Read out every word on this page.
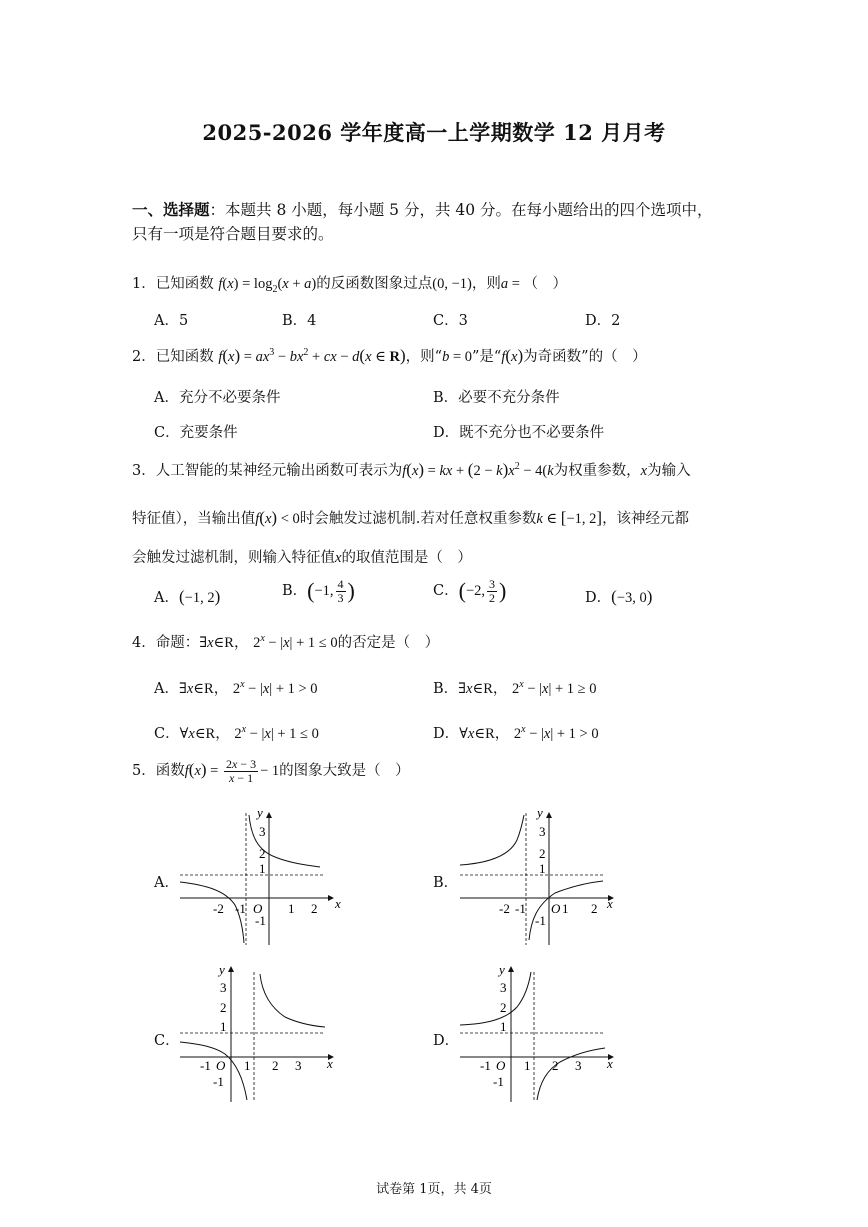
2025-2026 学年度高一上学期数学 12 月月考
一、选择题：本题共 8 小题，每小题 5 分，共 40 分。在每小题给出的四个选项中，
只有一项是符合题目要求的。
1．已知函数 $f(x) = \log_2(x + a)$的反函数图象过点(0, −1)，则a = （　）
A．5	B．4	C．3	D．2
2．已知函数 $f(x) = ax^3 - bx^2$ + cx − d(x ∈ R)，则“b = 0”是“f(x)为奇函数”的（　）
A．充分不必要条件	B．必要不充分条件
C．充要条件	D．既不充分也不必要条件
3．人工智能的某神经元输出函数可表示为f(x) = kx + $(2 - k)x^2 - 4(k$为权重参数，x为输入
特征值），当输出值f(x) < 0时会触发过滤机制.若对任意权重参数k ∈ [−1, 2]，该神经元都
会触发过滤机制，则输入特征值x的取值范围是（　）
A．(−1, 2)	B．(−1, $\frac{4}{3}$ )	C．(−2, $\frac{3}{2}$ )	D．(−3, 0)
4．命题：∃x∈R， $2^x - |x| + 1 \le 0$的否定是（　）
A．∃x∈R， $2^x - |x| + 1 > 0$	B．∃x∈R， $2^x - |x| + 1 \ge 0$
C．∀x∈R， $2^x - |x| + 1 \le 0$	D．∀x∈R， $2^x - |x| + 1 > 0$
5．函数$f(x) = \frac{2x - 3}{x - 1} - 1$的图象大致是（　）
A．	B．
C．	D．
y
x
3
2
1
-2 -1 O 1 2
-1
y
x
3
2
1
-2 -1 O 1 2
-1
y
x
3
2
1
-1 O 1 2 3
-1
y
x
3
2
1
-1 O 1 2 3
-1
试卷第 1页，共 4页
